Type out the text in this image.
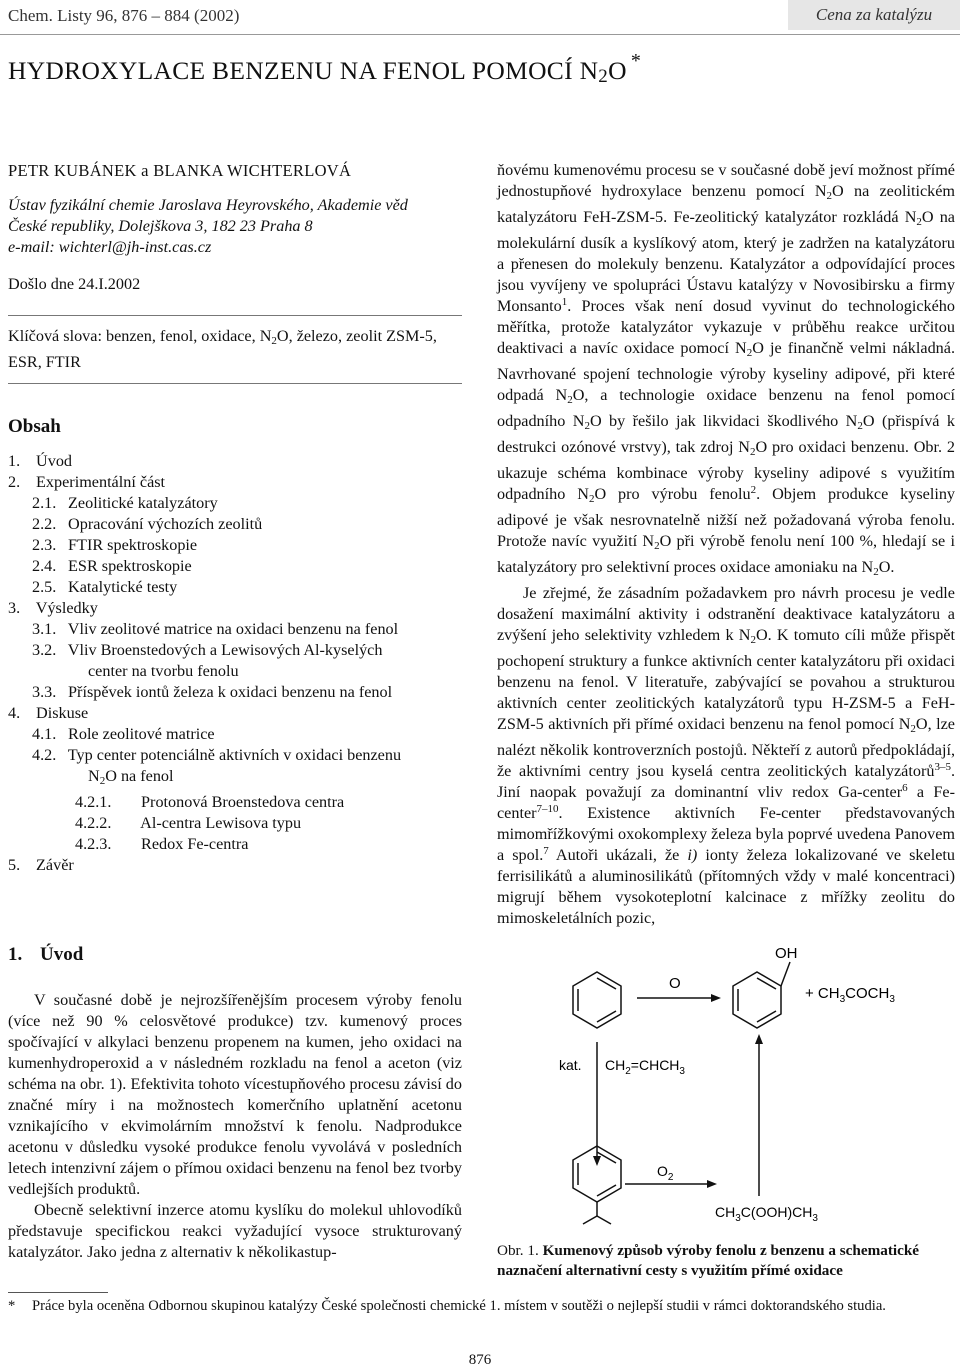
Chem. Listy 96, 876 – 884 (2002)	Cena za katalýzu
HYDROXYLACE BENZENU NA FENOL POMOCÍ $N_2O$ *
PETR KUBÁNEK a BLANKA WICHTERLOVÁ
Ústav fyzikální chemie Jaroslava Heyrovského, Akademie věd
České republiky, Dolejškova 3, 182 23 Praha 8
e-mail: wichterl@jh-inst.cas.cz
Došlo dne 24.I.2002
Klíčová slova: benzen, fenol, oxidace, $N_2O$, železo, zeolit ZSM-5, ESR, FTIR
Obsah
1. Úvod
2. Experimentální část
2.1. Zeolitické katalyzátory
2.2. Opracování výchozích zeolitů
2.3. FTIR spektroskopie
2.4. ESR spektroskopie
2.5. Katalytické testy
3. Výsledky
3.1. Vliv zeolitové matrice na oxidaci benzenu na fenol
3.2. Vliv Broenstedových a Lewisových Al-kyselých
center na tvorbu fenolu
3.3. Příspěvek iontů železa k oxidaci benzenu na fenol
4. Diskuse
4.1. Role zeolitové matrice
4.2. Typ center potenciálně aktivních v oxidaci benzenu
$N_2O$ na fenol
4.2.1. Protonová Broenstedova centra
4.2.2. Al-centra Lewisova typu
4.2.3. Redox Fe-centra
5. Závěr
1. Úvod

V současné době je nejrozšířenějším procesem výroby fenolu (více než 90 % celosvětové produkce) tzv. kumenový proces spočívající v alkylaci benzenu propenem na kumen, jeho oxidaci na kumenhydroperoxid a v následném rozkladu na fenol a aceton (viz schéma na obr. 1). Efektivita tohoto vícestupňového procesu závisí do značné míry i na možnostech komerčního uplatnění acetonu vznikajícího v ekvimolárním množství k fenolu. Nadprodukce acetonu v důsledku vysoké produkce fenolu vyvolává v posledních letech intenzivní zájem o přímou oxidaci benzenu na fenol bez tvorby vedlejších produktů.

Obecně selektivní inzerce atomu kyslíku do molekul uhlovodíků představuje specifickou reakci vyžadující vysoce strukturovaný katalyzátor. Jako jedna z alternativ k několikastup-

ňovému kumenovému procesu se v současné době jeví možnost přímé jednostupňové hydroxylace benzenu pomocí $N_2O$ na zeolitickém katalyzátoru FeH-ZSM-5. Fe-zeolitický katalyzátor rozkládá $N_2O$ na molekulární dusík a kyslíkový atom, který je zadržen na katalyzátoru a přenesen do molekuly benzenu. Katalyzátor a odpovídající proces jsou vyvíjeny ve spolupráci Ústavu katalýzy v Novosibirsku a firmy Monsanto$^1$. Proces však není dosud vyvinut do technologického měřítka, protože katalyzátor vykazuje v průběhu reakce určitou deaktivaci a navíc oxidace pomocí $N_2O$ je finančně velmi nákladná. Navrhované spojení technologie výroby kyseliny adipové, při které odpadá $N_2O$, a technologie oxidace benzenu na fenol pomocí odpadního $N_2O$ by řešilo jak likvidaci škodlivého $N_2O$ (přispívá k destrukci ozónové vrstvy), tak zdroj $N_2O$ pro oxidaci benzenu. Obr. 2 ukazuje schéma kombinace výroby kyseliny adipové s využitím odpadního $N_2O$ pro výrobu fenolu$^2$. Objem produkce kyseliny adipové je však nesrovnatelně nižší než požadovaná výroba fenolu. Protože navíc využití $N_2O$ při výrobě fenolu není 100 %, hledají se i katalyzátory pro selektivní proces oxidace amoniaku na $N_2O$.

Je zřejmé, že zásadním požadavkem pro návrh procesu je vedle dosažení maximální aktivity i odstranění deaktivace katalyzátoru a zvýšení jeho selektivity vzhledem k $N_2O$. K tomuto cíli může přispět pochopení struktury a funkce aktivních center katalyzátoru při oxidaci benzenu na fenol. V literatuře, zabývající se povahou a strukturou aktivních center zeolitických katalyzátorů typu H-ZSM-5 a FeH-ZSM-5 aktivních při přímé oxidaci benzenu na fenol pomocí $N_2O$, lze nalézt několik kontroverzních postojů. Někteří z autorů předpokládají, že aktivními centry jsou kyselá centra zeolitických katalyzátorů$^{3-5}$. Jiní naopak považují za dominantní vliv redox Ga-center$^6$ a Fe-center$^{7-10}$. Existence aktivních Fe-center představovaných mimomřížkovými oxokomplexy železa byla poprvé uvedena Panovem a spol.$^7$ Autoři ukázali, že i) ionty železa lokalizované ve skeletu ferrisilikátů a aluminosilikátů (přítomných vždy v malé koncentraci) migrují během vysokoteplotní kalcinace z mřížky zeolitu do mimoskeletálních pozic,

O
OH
+ $CH_3COCH_3$
kat. $CH_2=CHCH_3$
$O_2$
$CH_3C(OOH)CH_3$
Obr. 1. Kumenový způsob výroby fenolu z benzenu a schematické naznačení alternativní cesty s využitím přímé oxidace
* Práce byla oceněna Odbornou skupinou katalýzy České společnosti chemické 1. místem v soutěži o nejlepší studii v rámci doktorandského studia.
876
